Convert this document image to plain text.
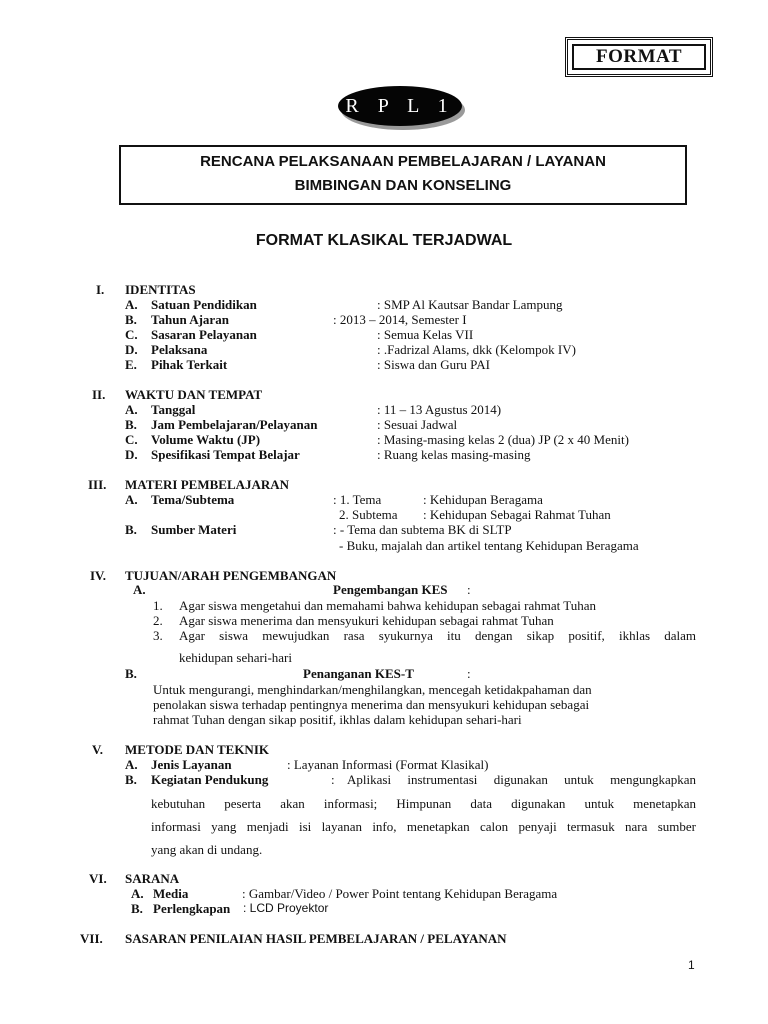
FORMAT
R P L 1
RENCANA PELAKSANAAN PEMBELAJARAN / LAYANAN
BIMBINGAN DAN KONSELING
FORMAT KLASIKAL TERJADWAL
I. IDENTITAS
A. Satuan Pendidikan	: SMP Al Kautsar Bandar Lampung
B. Tahun Ajaran	: 2013 – 2014, Semester I
C. Sasaran Pelayanan	: Semua Kelas VII
D. Pelaksana	: .Fadrizal Alams, dkk (Kelompok IV)
E. Pihak Terkait	: Siswa dan Guru PAI
II. WAKTU DAN TEMPAT
A. Tanggal	: 11 – 13 Agustus 2014)
B. Jam Pembelajaran/Pelayanan	: Sesuai Jadwal
C. Volume Waktu (JP)	: Masing-masing kelas 2 (dua) JP (2 x 40 Menit)
D. Spesifikasi Tempat Belajar	: Ruang kelas masing-masing
III. MATERI PEMBELAJARAN
A. Tema/Subtema	: 1. Tema	: Kehidupan Beragama
2. Subtema : Kehidupan Sebagai Rahmat Tuhan
B. Sumber Materi	: - Tema dan subtema BK di SLTP
- Buku, majalah dan artikel tentang Kehidupan Beragama
IV. TUJUAN/ARAH PENGEMBANGAN
A.	Pengembangan KES :
1. Agar siswa mengetahui dan memahami bahwa kehidupan sebagai rahmat Tuhan
2. Agar siswa menerima dan mensyukuri kehidupan sebagai rahmat Tuhan
3. Agar siswa mewujudkan rasa syukurnya itu dengan sikap positif, ikhlas dalam
kehidupan sehari-hari
B.	Penanganan KES-T	:
Untuk mengurangi, menghindarkan/menghilangkan, mencegah ketidakpahaman dan
penolakan siswa terhadap pentingnya menerima dan mensyukuri kehidupan sebagai
rahmat Tuhan dengan sikap positif, ikhlas dalam kehidupan sehari-hari
V. METODE DAN TEKNIK
A. Jenis Layanan	: Layanan Informasi (Format Klasikal)
B. Kegiatan Pendukung	: Aplikasi instrumentasi digunakan untuk mengungkapkan
kebutuhan peserta akan informasi; Himpunan data digunakan untuk menetapkan
informasi yang menjadi isi layanan info, menetapkan calon penyaji termasuk nara sumber
yang akan di undang.
VI. SARANA
A. Media	: Gambar/Video / Power Point tentang Kehidupan Beragama
B. Perlengkapan : LCD Proyektor
VII. SASARAN PENILAIAN HASIL PEMBELAJARAN / PELAYANAN
1
